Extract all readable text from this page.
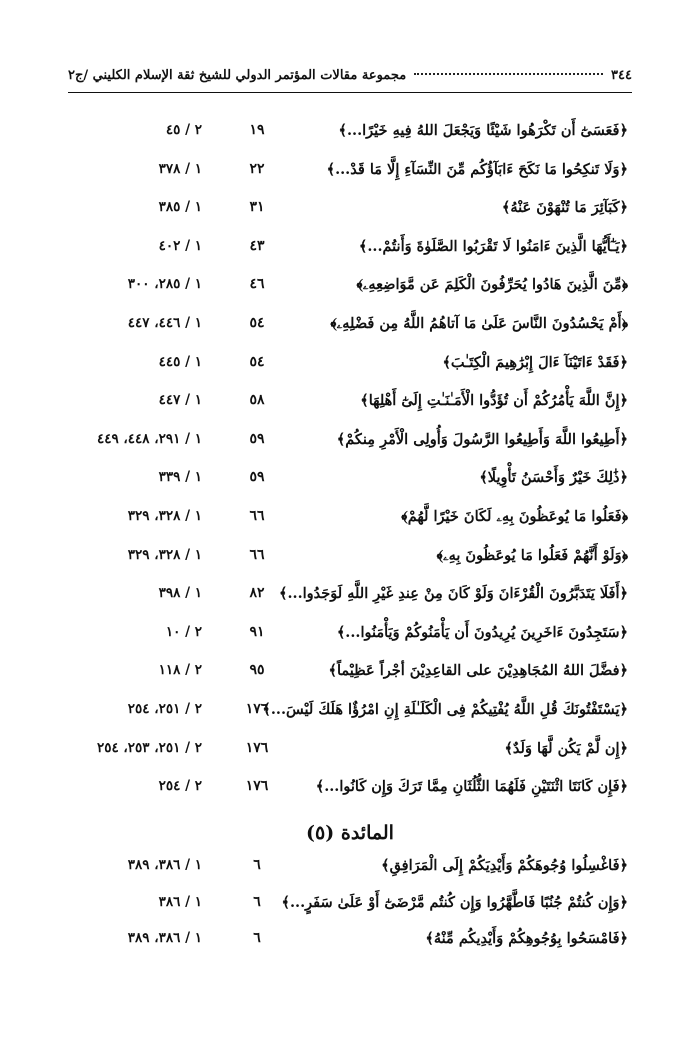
٣٤٤
مجموعة مقالات المؤتمر الدولي للشيخ ثقة الإسلام الكليني /ج٢
﴿فَعَسَىٰٓ أَن تَكْرَهُوا شَيْئًا وَيَجْعَلَ اللهُ فِيهِ خَيْرًا...﴾
١٩
٢ / ٤٥
﴿وَلَا تَنكِحُوا مَا نَكَحَ ءَابَآؤُكُم مِّنَ النِّسَآءِ إِلَّا مَا قَدْ...﴾
٢٢
١ / ٣٧٨
﴿كَبَآئِرَ مَا تُنْهَوْنَ عَنْهُ﴾
٣١
١ / ٣٨٥
﴿يَـٰٓأَيُّهَا الَّذِينَ ءَامَنُوا لَا تَقْرَبُوا الصَّلَوٰةَ وَأَنتُمْ...﴾
٤٣
١ / ٤٠٢
﴿مِّنَ الَّذِينَ هَادُوا يُحَرِّفُونَ الْكَلِمَ عَن مَّوَاضِعِهِۦ﴾
٤٦
١ / ٢٨٥، ٣٠٠
﴿أَمْ يَحْسُدُونَ النَّاسَ عَلَىٰ مَا آتاهُمُ اللَّهُ مِن فَضْلِهِۦ﴾
٥٤
١ / ٤٤٦، ٤٤٧
﴿فَقَدْ ءَاتَيْنَآ ءَالَ إِبْرَٰهِيمَ الْكِتَـٰبَ﴾
٥٤
١ / ٤٤٥
﴿إِنَّ اللَّهَ يَأْمُرُكُمْ أَن تُؤَدُّوا الْأَمَـٰنَـٰتِ إِلَىٰٓ أَهْلِهَا﴾
٥٨
١ / ٤٤٧
﴿أَطِيعُوا اللَّهَ وَأَطِيعُوا الرَّسُولَ وَأُولِى الْأَمْرِ مِنكُمْ﴾
٥٩
١ / ٢٩١، ٤٤٨، ٤٤٩
﴿ذَٰلِكَ خَيْرٌ وَأَحْسَنُ تَأْوِيلًا﴾
٥٩
١ / ٣٣٩
﴿فَعَلُوا مَا يُوعَظُونَ بِهِۦ لَكَانَ خَيْرًا لَّهُمْ﴾
٦٦
١ / ٣٢٨، ٣٢٩
﴿وَلَوْ أَنَّهُمْ فَعَلُوا مَا يُوعَظُونَ بِهِۦ﴾
٦٦
١ / ٣٢٨، ٣٢٩
﴿أَفَلَا يَتَدَبَّرُونَ الْقُرْءَانَ وَلَوْ كَانَ مِنْ عِندِ غَيْرِ اللَّهِ لَوَجَدُوا...﴾
٨٢
١ / ٣٩٨
﴿سَتَجِدُونَ ءَاخَرِينَ يُرِيدُونَ أَن يَأْمَنُوكُمْ وَيَأْمَنُوا...﴾
٩١
٢ / ١٠
﴿فضَّلَ اللهُ المُجَاهِدِيْنَ على القاعِدِيْنَ أجْراً عَظِيْماً﴾
٩٥
٢ / ١١٨
﴿يَسْتَفْتُونَكَ قُلِ اللَّهُ يُفْتِيكُمْ فِى الْكَلَـٰلَةِ إِنِ امْرُؤٌا هَلَكَ لَيْسَ...﴾
١٧٦
٢ / ٢٥١، ٢٥٤
﴿إِن لَّمْ يَكُن لَّهَا وَلَدٌ﴾
١٧٦
٢ / ٢٥١، ٢٥٣، ٢٥٤
﴿فَإِن كَانَتَا اثْنَتَيْنِ فَلَهُمَا الثُّلُثَانِ مِمَّا تَرَكَ وَإِن كَانُوا...﴾
١٧٦
٢ / ٢٥٤
المائدة (٥)
﴿فَاغْسِلُوا وُجُوهَكُمْ وَأَيْدِيَكُمْ إِلَى الْمَرَافِقِ﴾
٦
١ / ٣٨٦، ٣٨٩
﴿وَإِن كُنتُمْ جُنُبًا فَاطَّهَّرُوا وَإِن كُنتُم مَّرْضَىٰٓ أَوْ عَلَىٰ سَفَرٍ...﴾
٦
١ / ٣٨٦
﴿فَامْسَحُوا بِوُجُوهِكُمْ وَأَيْدِيكُم مِّنْهُ﴾
٦
١ / ٣٨٦، ٣٨٩
